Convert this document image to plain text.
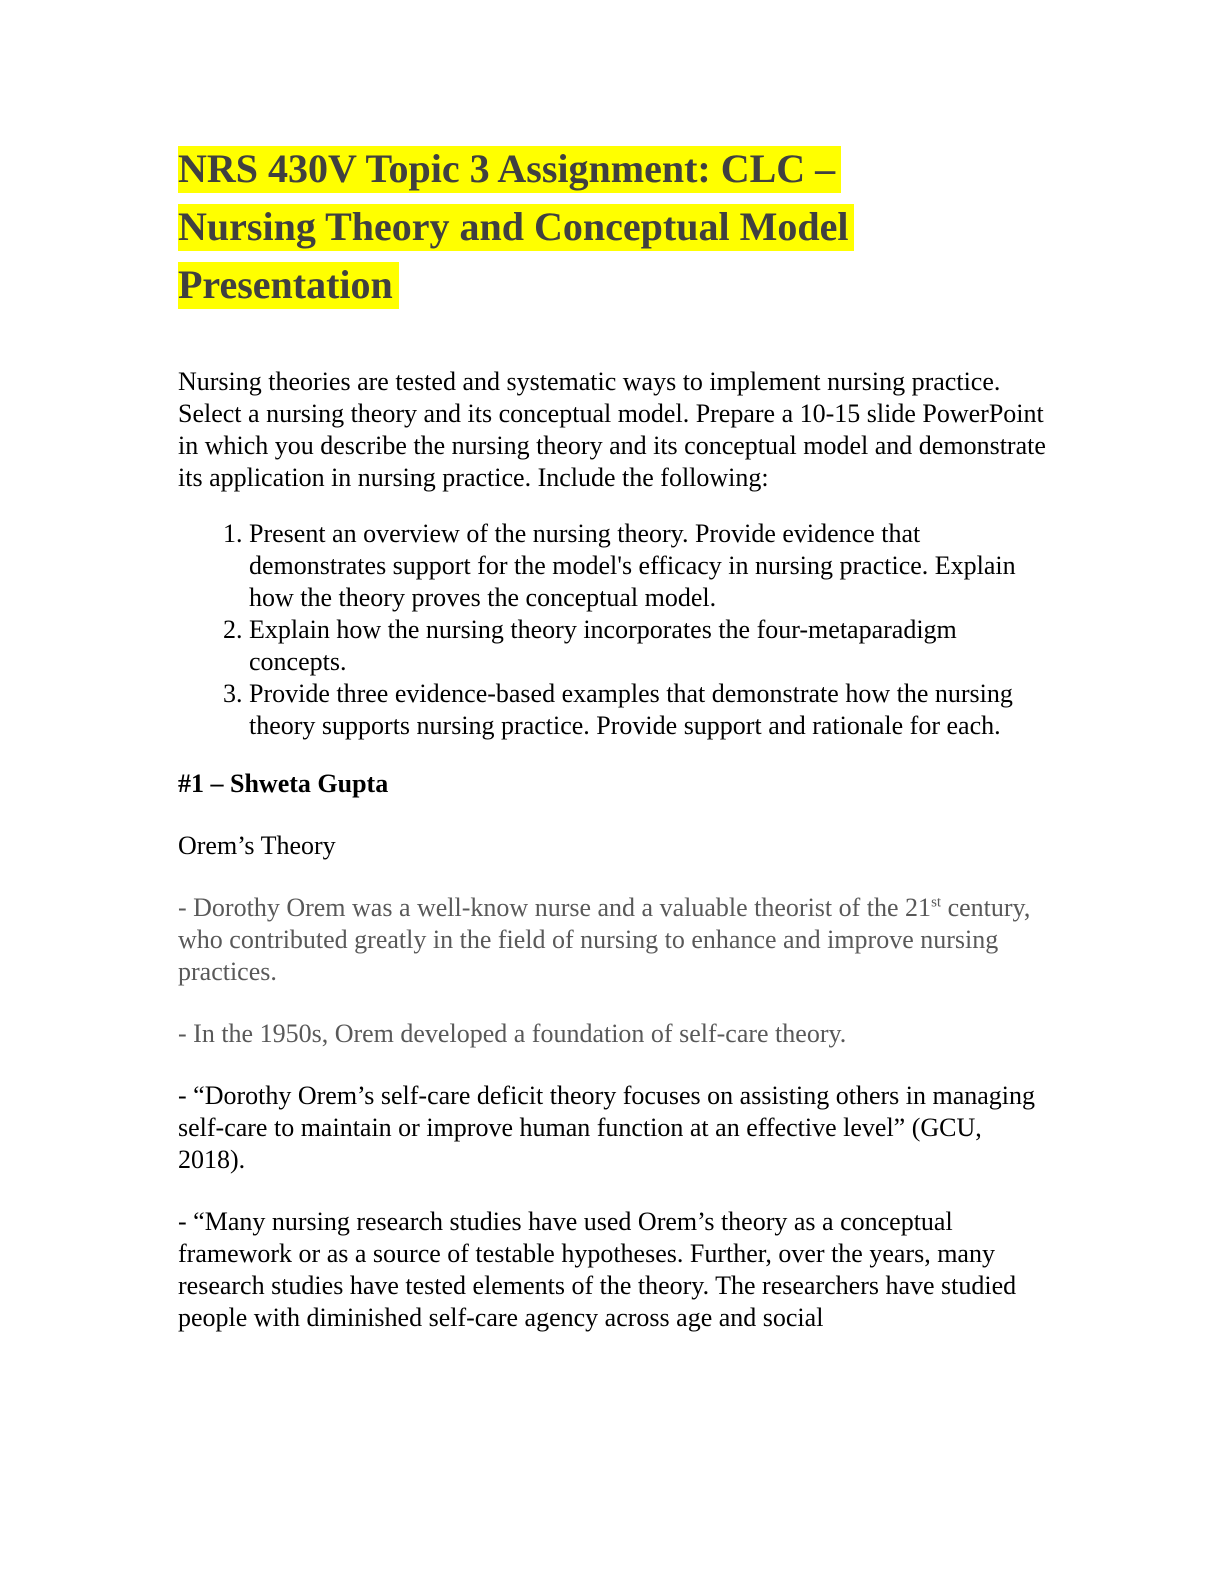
NRS 430V Topic 3 Assignment: CLC –
Nursing Theory and Conceptual Model
Presentation
Nursing theories are tested and systematic ways to implement nursing practice. Select a nursing theory and its conceptual model. Prepare a 10-15 slide PowerPoint in which you describe the nursing theory and its conceptual model and demonstrate its application in nursing practice. Include the following:
1. Present an overview of the nursing theory. Provide evidence that demonstrates support for the model's efficacy in nursing practice. Explain how the theory proves the conceptual model.
2. Explain how the nursing theory incorporates the four-metaparadigm concepts.
3. Provide three evidence-based examples that demonstrate how the nursing theory supports nursing practice. Provide support and rationale for each.
#1 – Shweta Gupta
Orem’s Theory
- Dorothy Orem was a well-know nurse and a valuable theorist of the 21st century, who contributed greatly in the field of nursing to enhance and improve nursing practices.
- In the 1950s, Orem developed a foundation of self-care theory.
- “Dorothy Orem’s self-care deficit theory focuses on assisting others in managing self-care to maintain or improve human function at an effective level” (GCU, 2018).
- “Many nursing research studies have used Orem’s theory as a conceptual framework or as a source of testable hypotheses. Further, over the years, many research studies have tested elements of the theory. The researchers have studied people with diminished self-care agency across age and social
